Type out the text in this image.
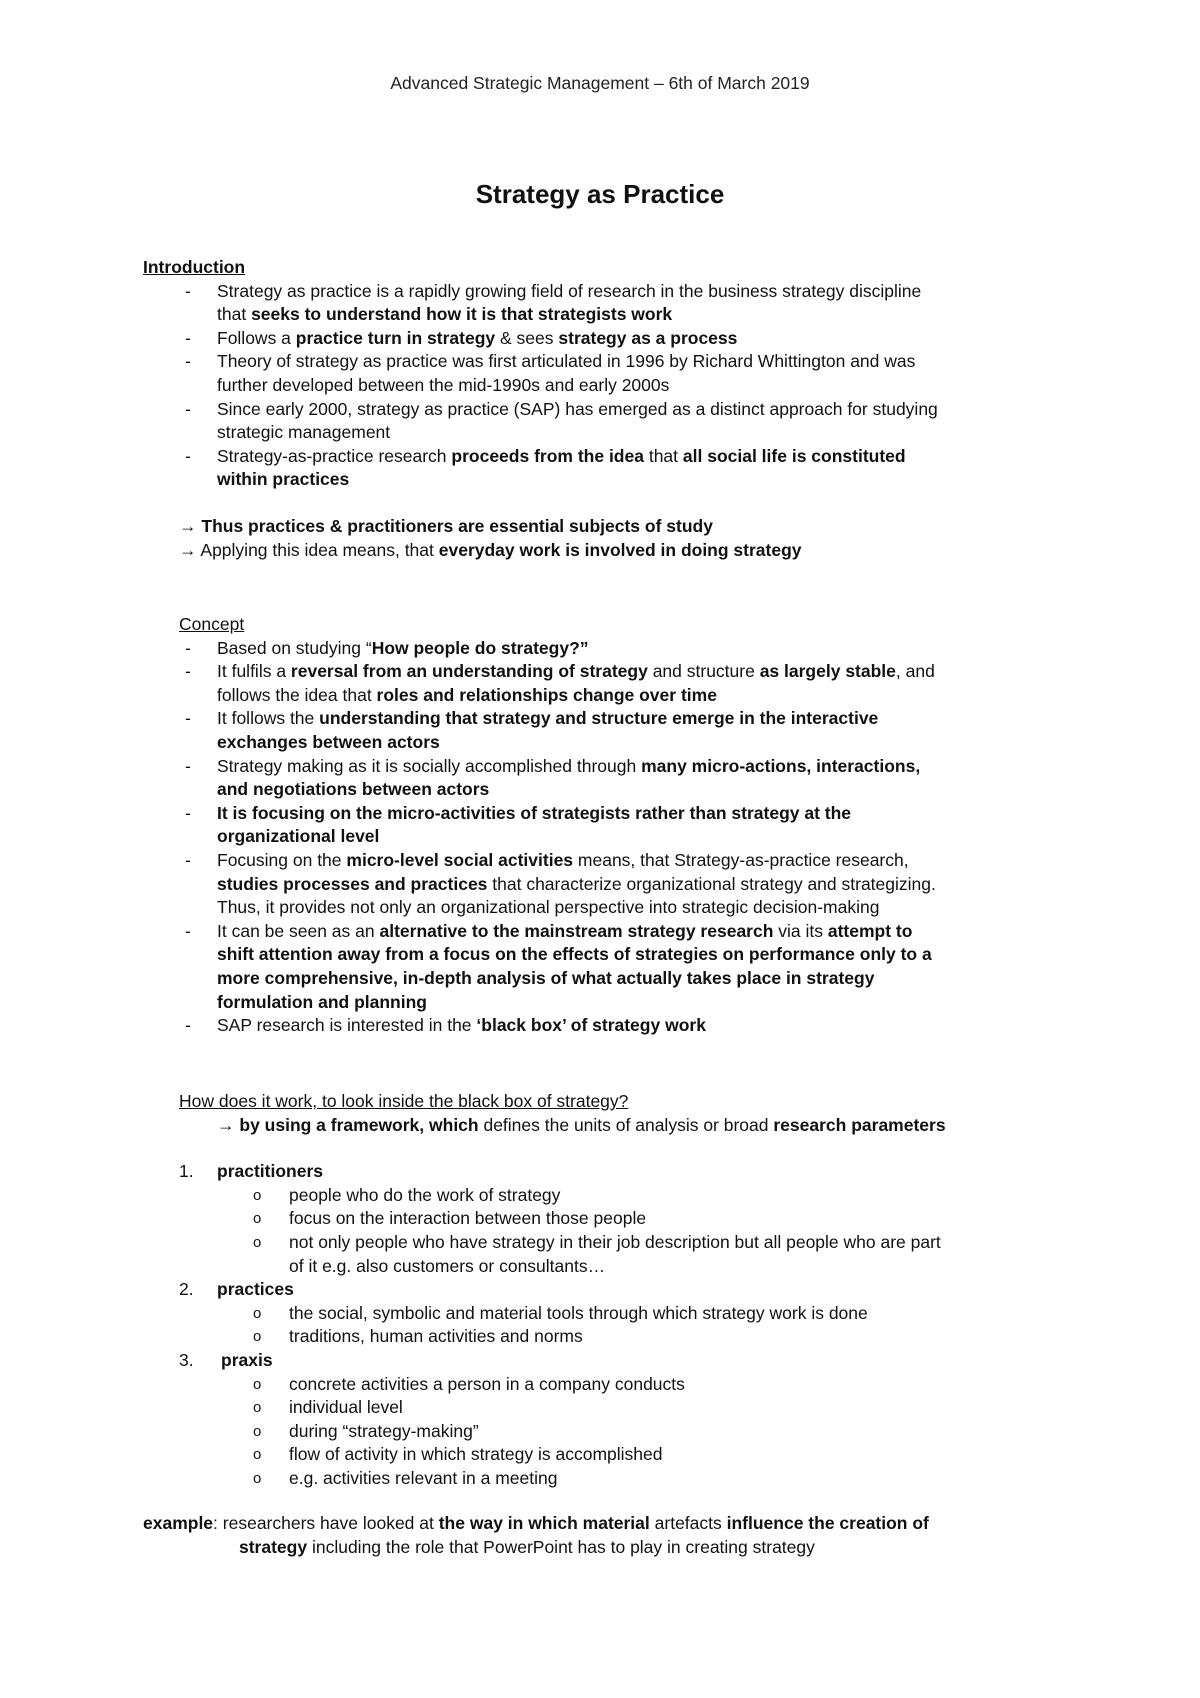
Advanced Strategic Management – 6th of March 2019
Strategy as Practice
Introduction
- Strategy as practice is a rapidly growing field of research in the business strategy discipline
that seeks to understand how it is that strategists work
- Follows a practice turn in strategy & sees strategy as a process
- Theory of strategy as practice was first articulated in 1996 by Richard Whittington and was
further developed between the mid-1990s and early 2000s
- Since early 2000, strategy as practice (SAP) has emerged as a distinct approach for studying
strategic management
- Strategy-as-practice research proceeds from the idea that all social life is constituted
within practices
→ Thus practices & practitioners are essential subjects of study
→ Applying this idea means, that everyday work is involved in doing strategy
Concept
- Based on studying “How people do strategy?”
- It fulfils a reversal from an understanding of strategy and structure as largely stable, and
follows the idea that roles and relationships change over time
- It follows the understanding that strategy and structure emerge in the interactive
exchanges between actors
- Strategy making as it is socially accomplished through many micro-actions, interactions,
and negotiations between actors
- It is focusing on the micro-activities of strategists rather than strategy at the
organizational level
- Focusing on the micro-level social activities means, that Strategy-as-practice research,
studies processes and practices that characterize organizational strategy and strategizing.
Thus, it provides not only an organizational perspective into strategic decision-making
- It can be seen as an alternative to the mainstream strategy research via its attempt to
shift attention away from a focus on the effects of strategies on performance only to a
more comprehensive, in-depth analysis of what actually takes place in strategy
formulation and planning
- SAP research is interested in the ‘black box’ of strategy work
How does it work, to look inside the black box of strategy?
→ by using a framework, which defines the units of analysis or broad research parameters
1. practitioners
o people who do the work of strategy
o focus on the interaction between those people
o not only people who have strategy in their job description but all people who are part
of it e.g. also customers or consultants…
2. practices
o the social, symbolic and material tools through which strategy work is done
o traditions, human activities and norms
3. praxis
o concrete activities a person in a company conducts
o individual level
o during “strategy-making”
o flow of activity in which strategy is accomplished
o e.g. activities relevant in a meeting
example: researchers have looked at the way in which material artefacts influence the creation of
strategy including the role that PowerPoint has to play in creating strategy
